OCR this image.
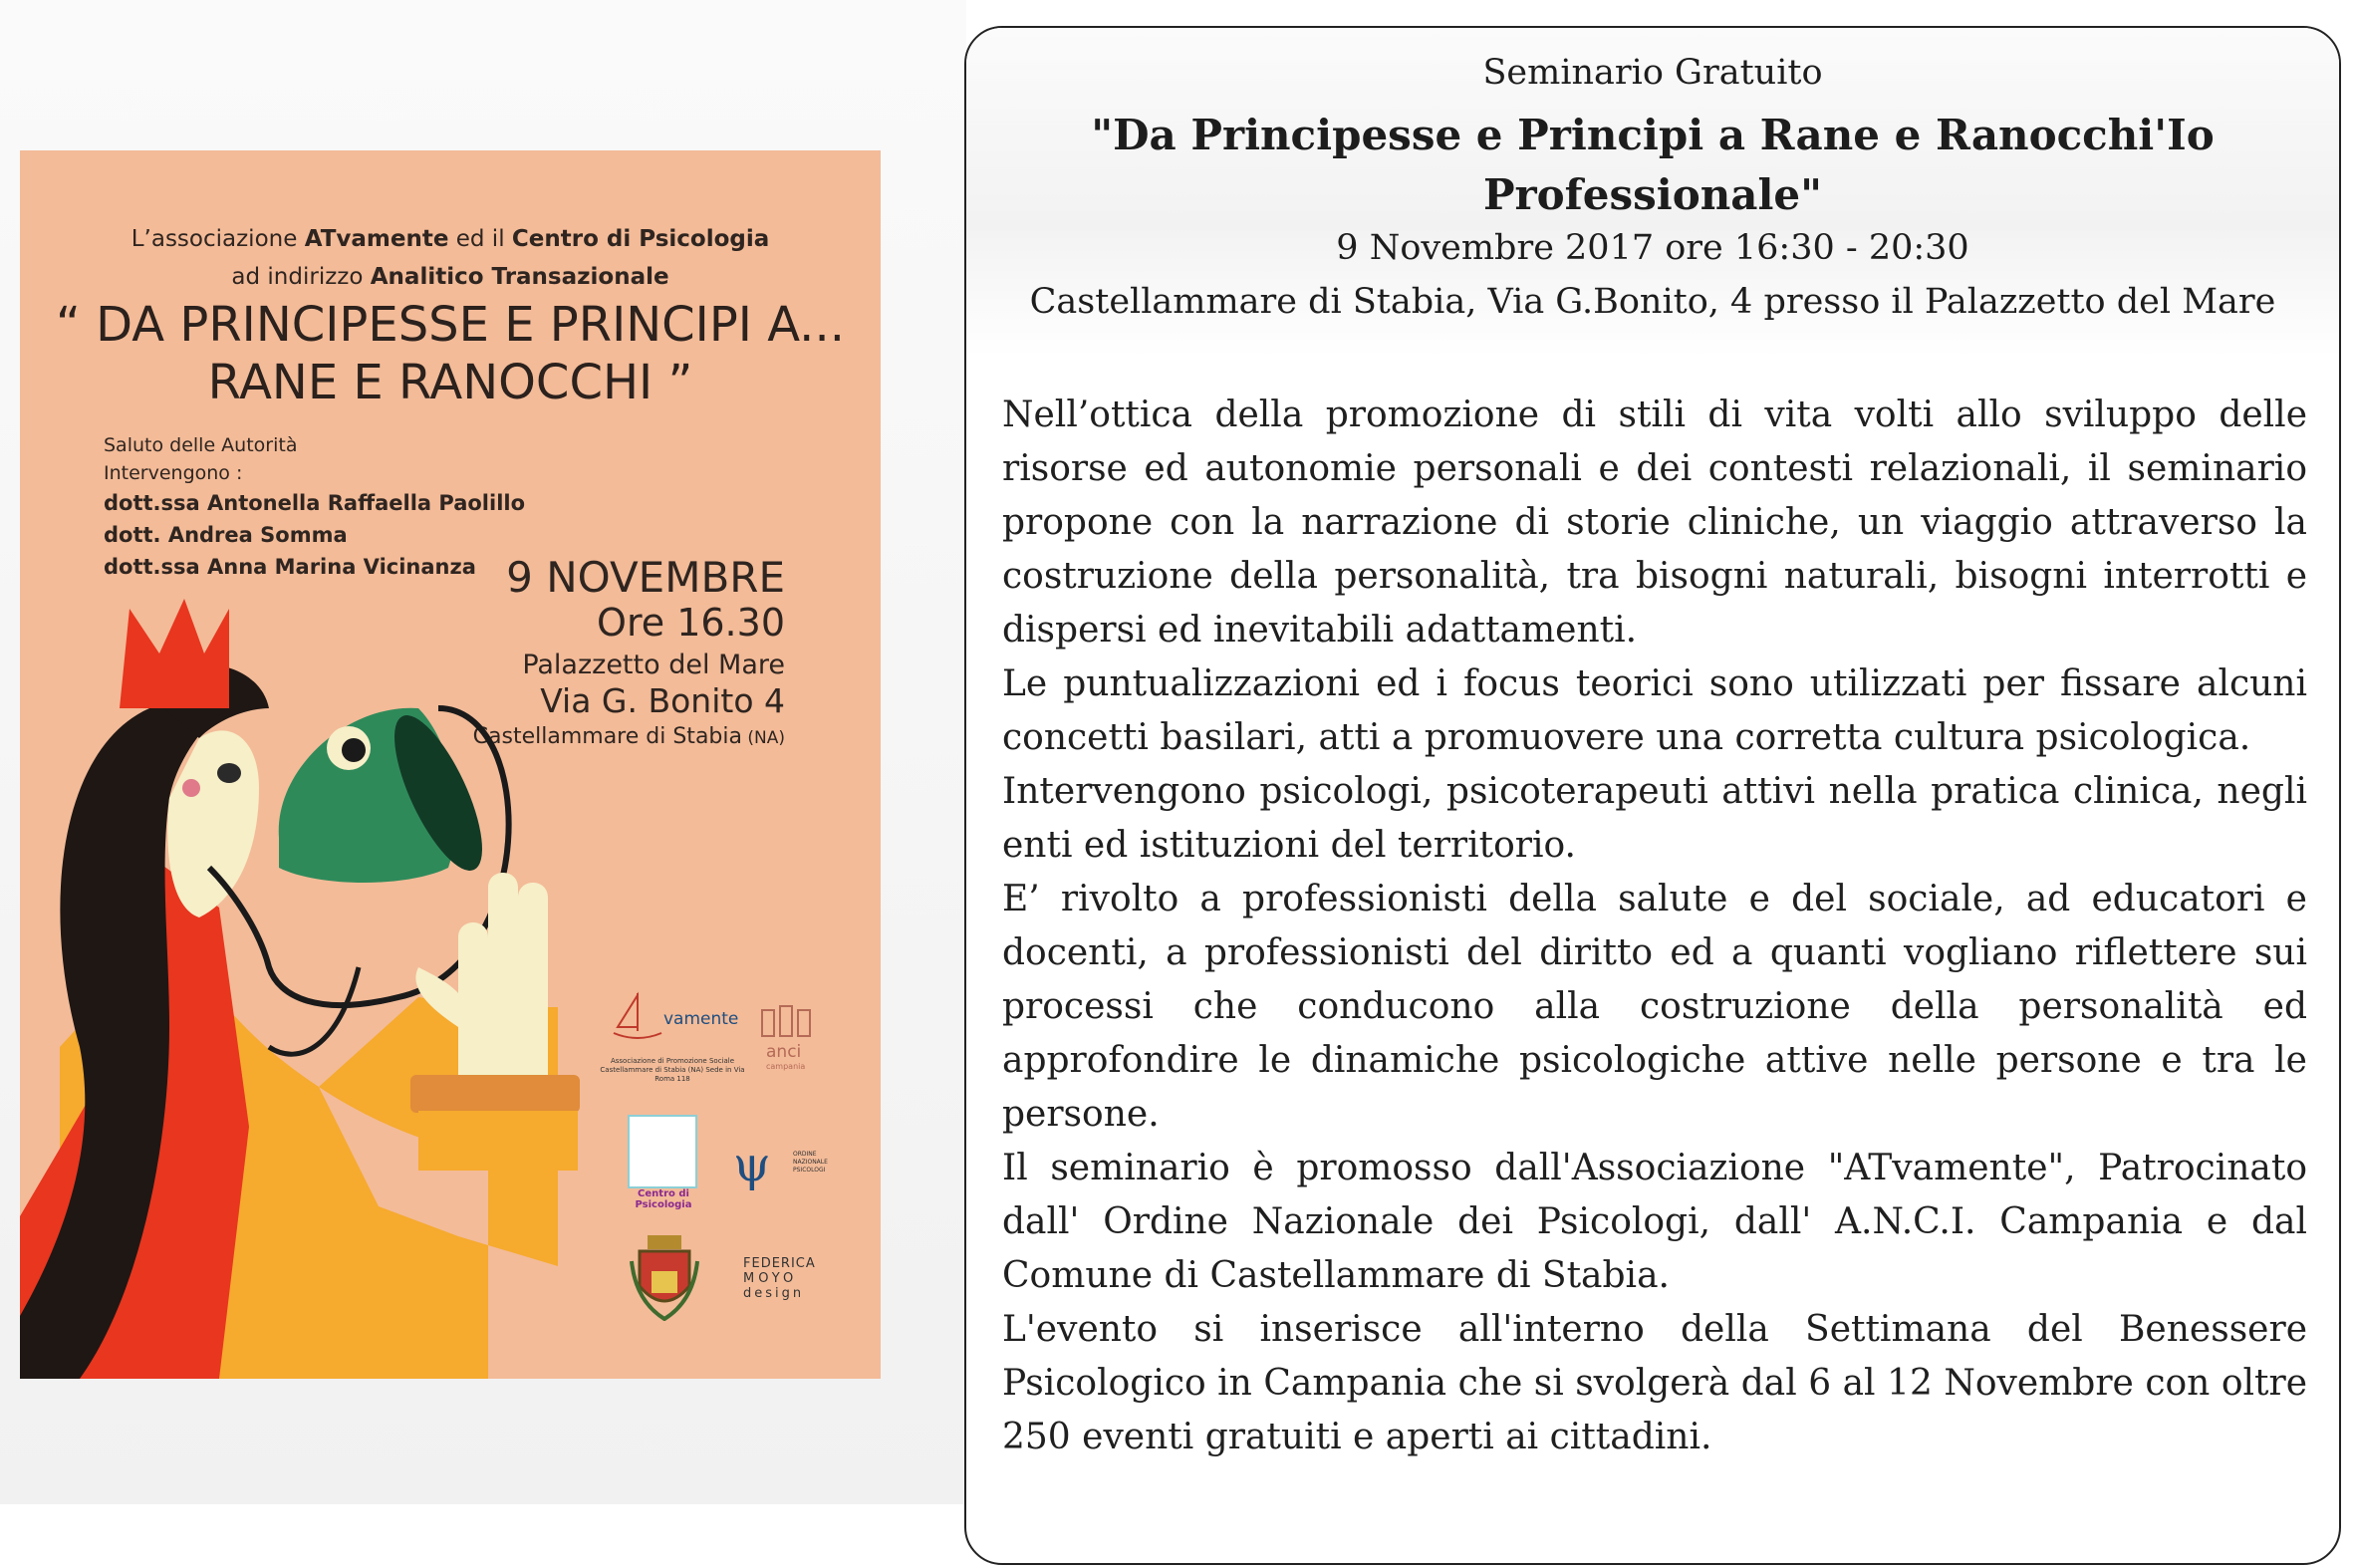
L’associazione ATvamente ed il Centro di Psicologia
ad indirizzo Analitico Transazionale
“ DA PRINCIPESSE E PRINCIPI A...
RANE E RANOCCHI ”
Saluto delle Autorità
Intervengono :
dott.ssa Antonella Raffaella Paolillo
dott. Andrea Somma
dott.ssa Anna Marina Vicinanza 9 NOVEMBRE
Ore 16.30
Palazzetto del Mare
Via G. Bonito 4
Castellammare di Stabia (NA)
vamente
Associazione di Promozione Sociale Castellammare di Stabia (NA) Sede in Via Roma 118
anci
campania
Centro di Psicologia
ψ	ORDINE NAZIONALE PSICOLOGI
FEDERICA
MOYO
design
Seminario Gratuito
"Da Principesse e Principi a Rane e Ranocchi'Io
Professionale"
9 Novembre 2017 ore 16:30 - 20:30
Castellammare di Stabia, Via G.Bonito, 4 presso il Palazzetto del Mare

Nell’ottica della promozione di stili di vita volti allo sviluppo delle risorse ed autonomie personali e dei contesti relazionali, il seminario propone con la narrazione di storie cliniche, un viaggio attraverso la costruzione della personalità, tra bisogni naturali, bisogni interrotti e dispersi ed inevitabili adattamenti.

Le puntualizzazioni ed i focus teorici sono utilizzati per fissare alcuni concetti basilari, atti a promuovere una corretta cultura psicologica.

Intervengono psicologi, psicoterapeuti attivi nella pratica clinica, negli enti ed istituzioni del territorio.

E’ rivolto a professionisti della salute e del sociale, ad educatori e docenti, a professionisti del diritto ed a quanti vogliano riflettere sui processi che conducono alla costruzione della personalità ed approfondire le dinamiche psicologiche attive nelle persone e tra le persone.

Il seminario è promosso dall'Associazione "ATvamente", Patrocinato dall' Ordine Nazionale dei Psicologi, dall' A.N.C.I. Campania e dal Comune di Castellammare di Stabia.

L'evento si inserisce all'interno della Settimana del Benessere Psicologico in Campania che si svolgerà dal 6 al 12 Novembre con oltre 250 eventi gratuiti e aperti ai cittadini.
